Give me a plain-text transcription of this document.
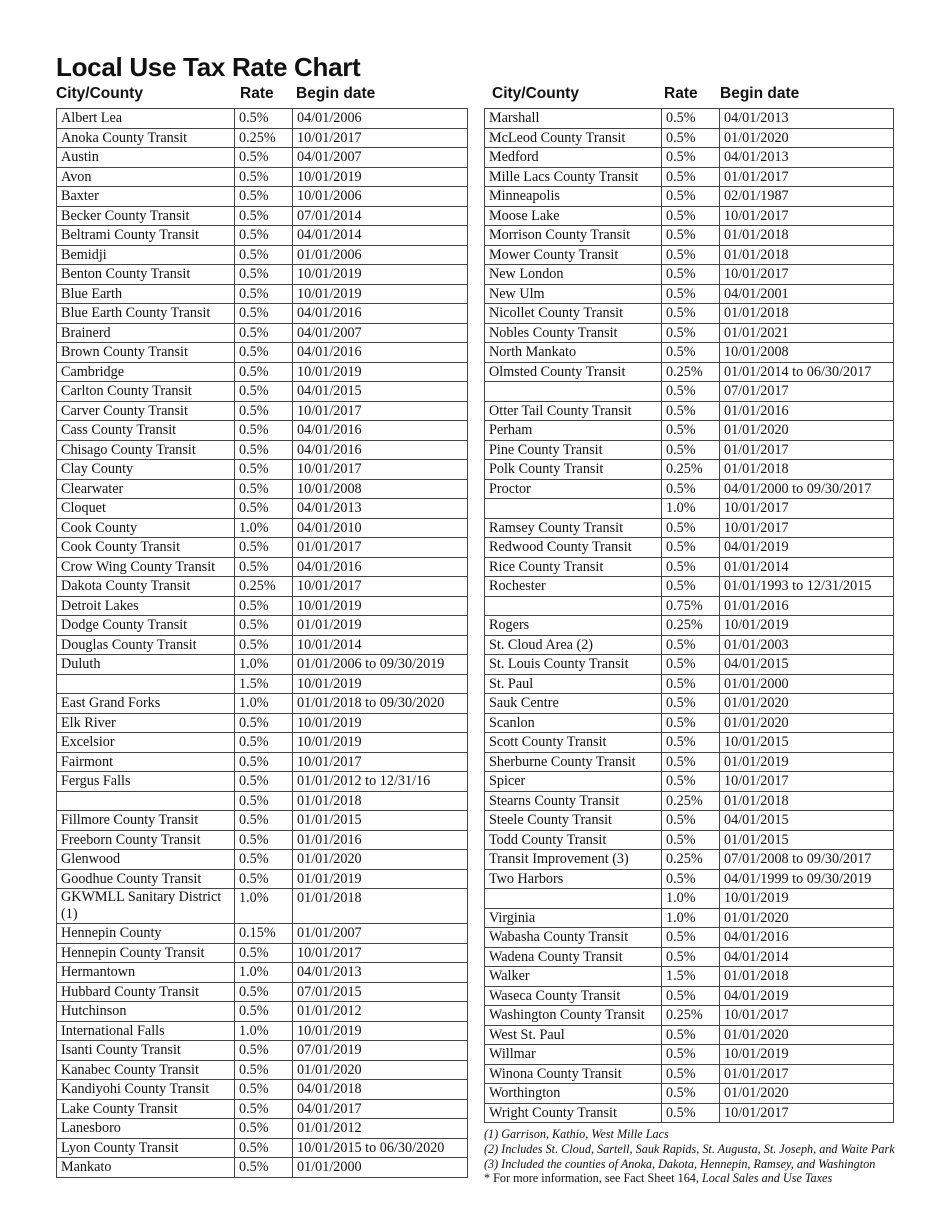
Local Use Tax Rate Chart
City/County	Rate Begin date
Albert Lea	0.5%	04/01/2006
Anoka County Transit	0.25%	10/01/2017
Austin	0.5%	04/01/2007
Avon	0.5%	10/01/2019
Baxter	0.5%	10/01/2006
Becker County Transit	0.5%	07/01/2014
Beltrami County Transit	0.5%	04/01/2014
Bemidji	0.5%	01/01/2006
Benton County Transit	0.5%	10/01/2019
Blue Earth	0.5%	10/01/2019
Blue Earth County Transit	0.5%	04/01/2016
Brainerd	0.5%	04/01/2007
Brown County Transit	0.5%	04/01/2016
Cambridge	0.5%	10/01/2019
Carlton County Transit	0.5%	04/01/2015
Carver County Transit	0.5%	10/01/2017
Cass County Transit	0.5%	04/01/2016
Chisago County Transit	0.5%	04/01/2016
Clay County	0.5%	10/01/2017
Clearwater	0.5%	10/01/2008
Cloquet	0.5%	04/01/2013
Cook County	1.0%	04/01/2010
Cook County Transit	0.5%	01/01/2017
Crow Wing County Transit	0.5%	04/01/2016
Dakota County Transit	0.25%	10/01/2017
Detroit Lakes	0.5%	10/01/2019
Dodge County Transit	0.5%	01/01/2019
Douglas County Transit	0.5%	10/01/2014
Duluth	1.0%	01/01/2006 to 09/30/2019
	1.5%	10/01/2019
East Grand Forks	1.0%	01/01/2018 to 09/30/2020
Elk River	0.5%	10/01/2019
Excelsior	0.5%	10/01/2019
Fairmont	0.5%	10/01/2017
Fergus Falls	0.5%	01/01/2012 to 12/31/16
	0.5%	01/01/2018
Fillmore County Transit	0.5%	01/01/2015
Freeborn County Transit	0.5%	01/01/2016
Glenwood	0.5%	01/01/2020
Goodhue County Transit	0.5%	01/01/2019
GKWMLL Sanitary District (1)	1.0%	01/01/2018
Hennepin County	0.15%	01/01/2007
Hennepin County Transit	0.5%	10/01/2017
Hermantown	1.0%	04/01/2013
Hubbard County Transit	0.5%	07/01/2015
Hutchinson	0.5%	01/01/2012
International Falls	1.0%	10/01/2019
Isanti County Transit	0.5%	07/01/2019
Kanabec County Transit	0.5%	01/01/2020
Kandiyohi County Transit	0.5%	04/01/2018
Lake County Transit	0.5%	04/01/2017
Lanesboro	0.5%	01/01/2012
Lyon County Transit	0.5%	10/01/2015 to 06/30/2020
Mankato	0.5%	01/01/2000
City/County	Rate Begin date
Marshall	0.5%	04/01/2013
McLeod County Transit	0.5%	01/01/2020
Medford	0.5%	04/01/2013
Mille Lacs County Transit	0.5%	01/01/2017
Minneapolis	0.5%	02/01/1987
Moose Lake	0.5%	10/01/2017
Morrison County Transit	0.5%	01/01/2018
Mower County Transit	0.5%	01/01/2018
New London	0.5%	10/01/2017
New Ulm	0.5%	04/01/2001
Nicollet County Transit	0.5%	01/01/2018
Nobles County Transit	0.5%	01/01/2021
North Mankato	0.5%	10/01/2008
Olmsted County Transit	0.25%	01/01/2014 to 06/30/2017
	0.5%	07/01/2017
Otter Tail County Transit	0.5%	01/01/2016
Perham	0.5%	01/01/2020
Pine County Transit	0.5%	01/01/2017
Polk County Transit	0.25%	01/01/2018
Proctor	0.5%	04/01/2000 to 09/30/2017
	1.0%	10/01/2017
Ramsey County Transit	0.5%	10/01/2017
Redwood County Transit	0.5%	04/01/2019
Rice County Transit	0.5%	01/01/2014
Rochester	0.5%	01/01/1993 to 12/31/2015
	0.75%	01/01/2016
Rogers	0.25%	10/01/2019
St. Cloud Area (2)	0.5%	01/01/2003
St. Louis County Transit	0.5%	04/01/2015
St. Paul	0.5%	01/01/2000
Sauk Centre	0.5%	01/01/2020
Scanlon	0.5%	01/01/2020
Scott County Transit	0.5%	10/01/2015
Sherburne County Transit	0.5%	01/01/2019
Spicer	0.5%	10/01/2017
Stearns County Transit	0.25%	01/01/2018
Steele County Transit	0.5%	04/01/2015
Todd County Transit	0.5%	01/01/2015
Transit Improvement (3)	0.25%	07/01/2008 to 09/30/2017
Two Harbors	0.5%	04/01/1999 to 09/30/2019
	1.0%	10/01/2019
Virginia	1.0%	01/01/2020
Wabasha County Transit	0.5%	04/01/2016
Wadena County Transit	0.5%	04/01/2014
Walker	1.5%	01/01/2018
Waseca County Transit	0.5%	04/01/2019
Washington County Transit	0.25%	10/01/2017
West St. Paul	0.5%	01/01/2020
Willmar	0.5%	10/01/2019
Winona County Transit	0.5%	01/01/2017
Worthington	0.5%	01/01/2020
Wright County Transit	0.5%	10/01/2017
(1) Garrison, Kathio, West Mille Lacs
(2) Includes St. Cloud, Sartell, Sauk Rapids, St. Augusta, St. Joseph, and Waite Park
(3) Included the counties of Anoka, Dakota, Hennepin, Ramsey, and Washington
* For more information, see Fact Sheet 164, Local Sales and Use Taxes
